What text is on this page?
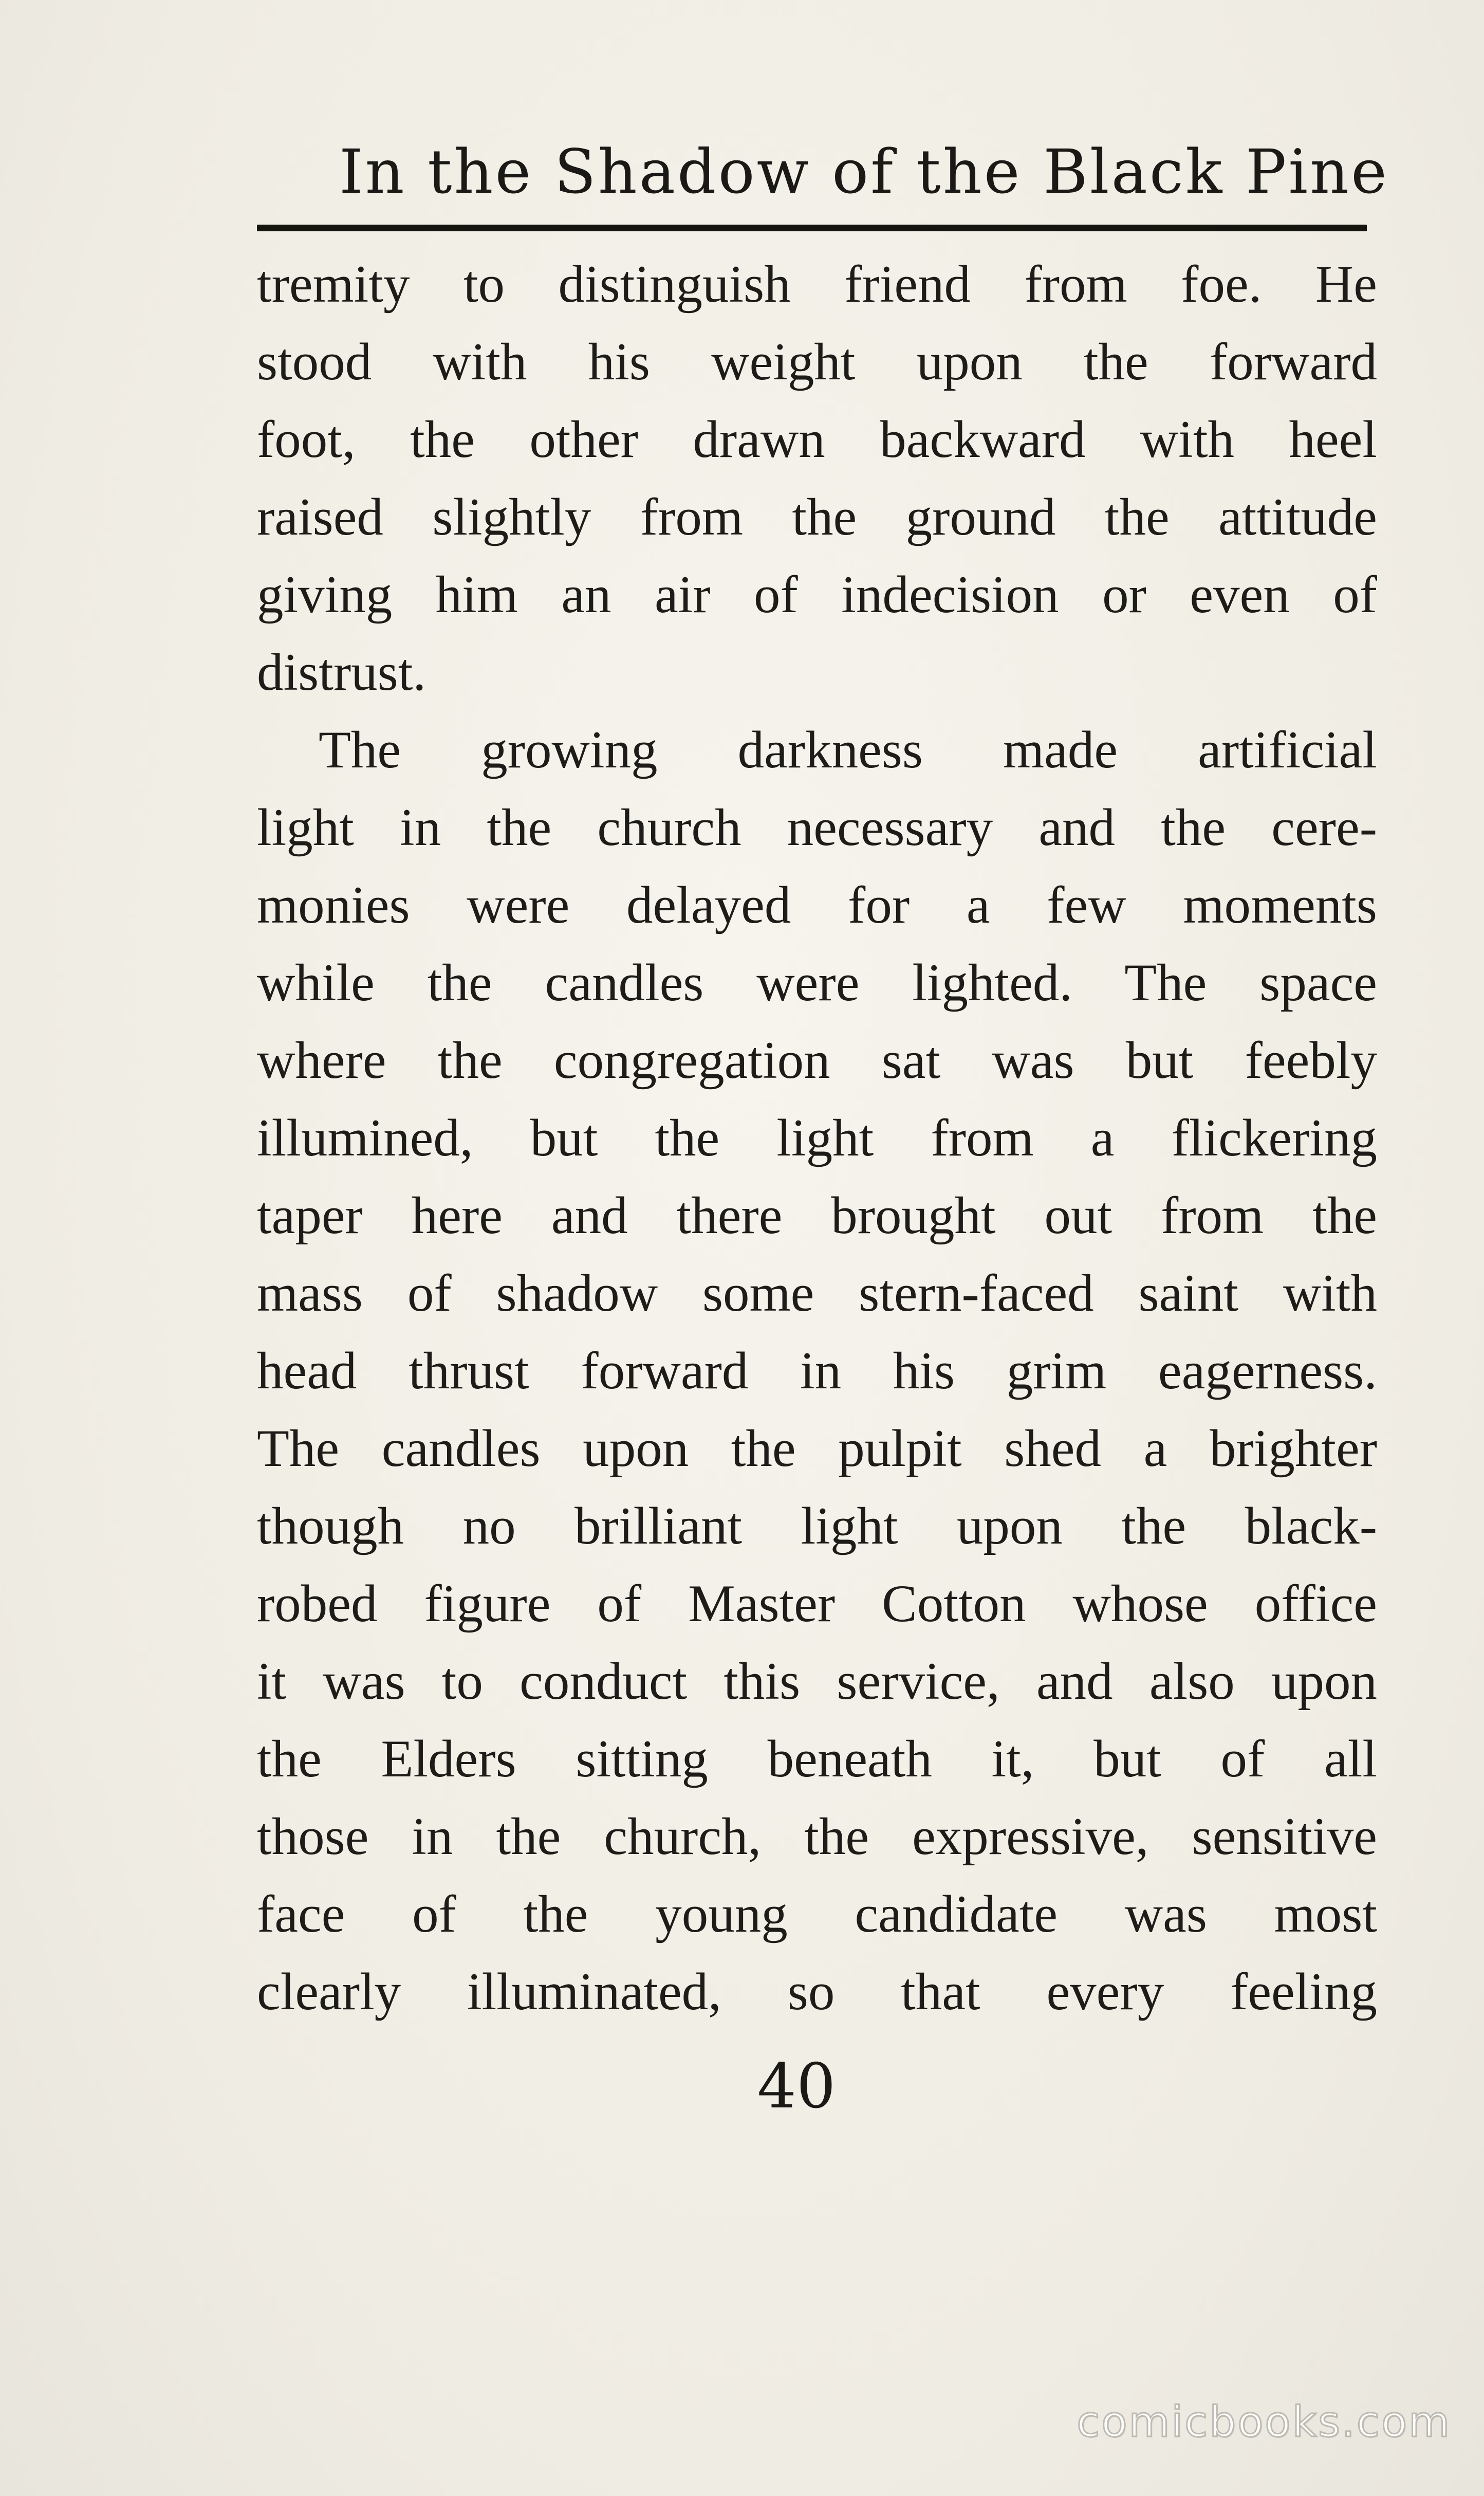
In the Shadow of the Black Pine
tremity to distinguish friend from foe. He
stood with his weight upon the forward
foot, the other drawn backward with heel
raised slightly from the ground the attitude
giving him an air of indecision or even of
distrust.
The growing darkness made artificial
light in the church necessary and the cere-
monies were delayed for a few moments
while the candles were lighted. The space
where the congregation sat was but feebly
illumined, but the light from a flickering
taper here and there brought out from the
mass of shadow some stern-faced saint with
head thrust forward in his grim eagerness.
The candles upon the pulpit shed a brighter
though no brilliant light upon the black-
robed figure of Master Cotton whose office
it was to conduct this service, and also upon
the Elders sitting beneath it, but of all
those in the church, the expressive, sensitive
face of the young candidate was most
clearly illuminated, so that every feeling
40
comicbooks.com
